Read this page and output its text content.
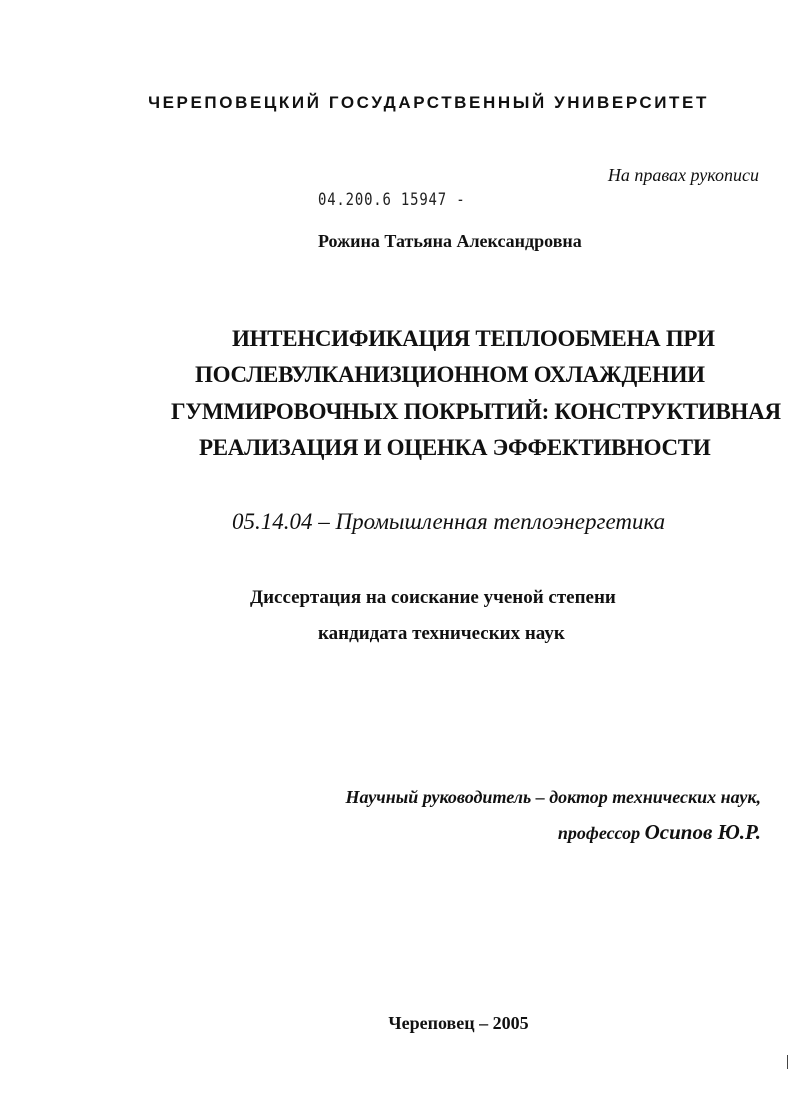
ЧЕРЕПОВЕЦКИЙ ГОСУДАРСТВЕННЫЙ УНИВЕРСИТЕТ
На правах рукописи
04.200.6 15947 -
Рожина Татьяна Александровна
ИНТЕНСИФИКАЦИЯ ТЕПЛООБМЕНА ПРИ
ПОСЛЕВУЛКАНИЗЦИОННОМ ОХЛАЖДЕНИИ
ГУММИРОВОЧНЫХ ПОКРЫТИЙ: КОНСТРУКТИВНАЯ
РЕАЛИЗАЦИЯ И ОЦЕНКА ЭФФЕКТИВНОСТИ
05.14.04 – Промышленная теплоэнергетика
Диссертация на соискание ученой степени
кандидата технических наук
Научный руководитель – доктор технических наук,
профессор Осипов Ю.Р.
Череповец – 2005
